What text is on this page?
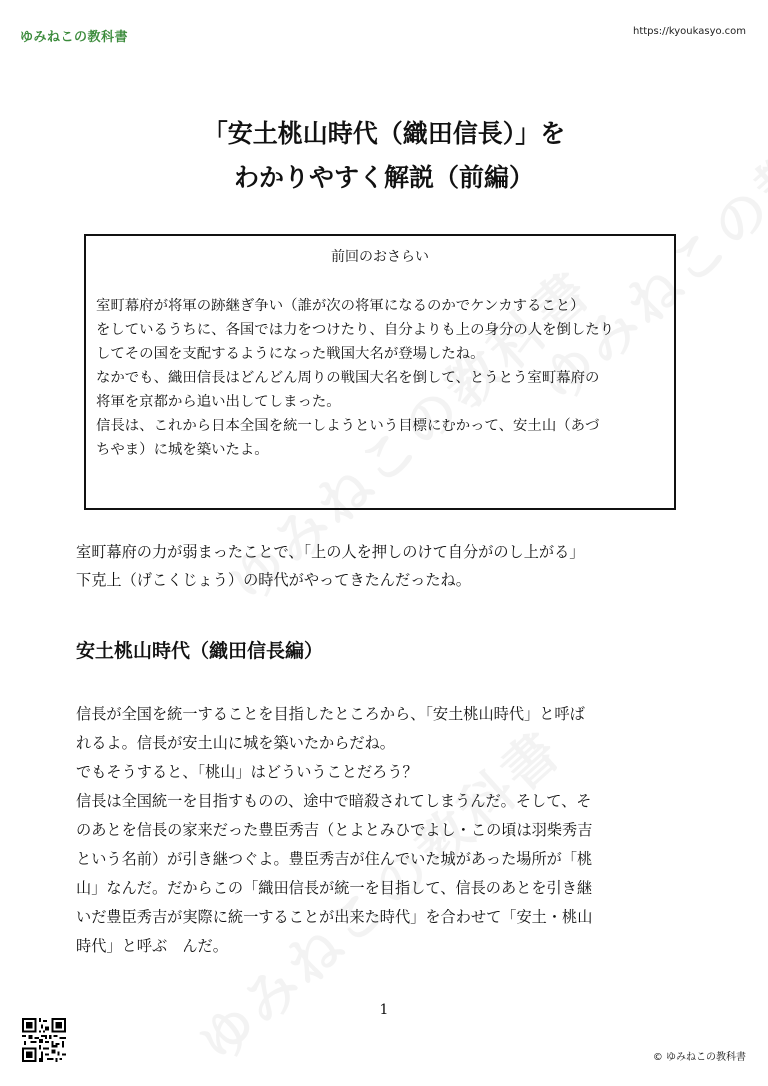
ゆみねこの教科書	https://kyoukasyo.com
「安土桃山時代（織田信長）」を
わかりやすく解説（前編）
前回のおさらい
室町幕府が将軍の跡継ぎ争い（誰が次の将軍になるのかでケンカすること）
をしているうちに、各国では力をつけたり、自分よりも上の身分の人を倒したり
してその国を支配するようになった戦国大名が登場したね。
なかでも、織田信長はどんどん周りの戦国大名を倒して、とうとう室町幕府の
将軍を京都から追い出してしまった。
信長は、これから日本全国を統一しようという目標にむかって、安土山（あづ
ちやま）に城を築いたよ。
室町幕府の力が弱まったことで、「上の人を押しのけて自分がのし上がる」
下克上（げこくじょう）の時代がやってきたんだったね。
安土桃山時代（織田信長編）
信長が全国を統一することを目指したところから、「安土桃山時代」と呼ば
れるよ。信長が安土山に城を築いたからだね。
でもそうすると、「桃山」はどういうことだろう？
信長は全国統一を目指すものの、途中で暗殺されてしまうんだ。そして、そ
のあとを信長の家来だった豊臣秀吉（とよとみひでよし・この頃は羽柴秀吉
という名前）が引き継つぐよ。豊臣秀吉が住んでいた城があった場所が「桃
山」なんだ。だからこの「織田信長が統一を目指して、信長のあとを引き継
いだ豊臣秀吉が実際に統一することが出来た時代」を合わせて「安土・桃山
時代」と呼ぶ　んだ。
1
© ゆみねこの教科書
